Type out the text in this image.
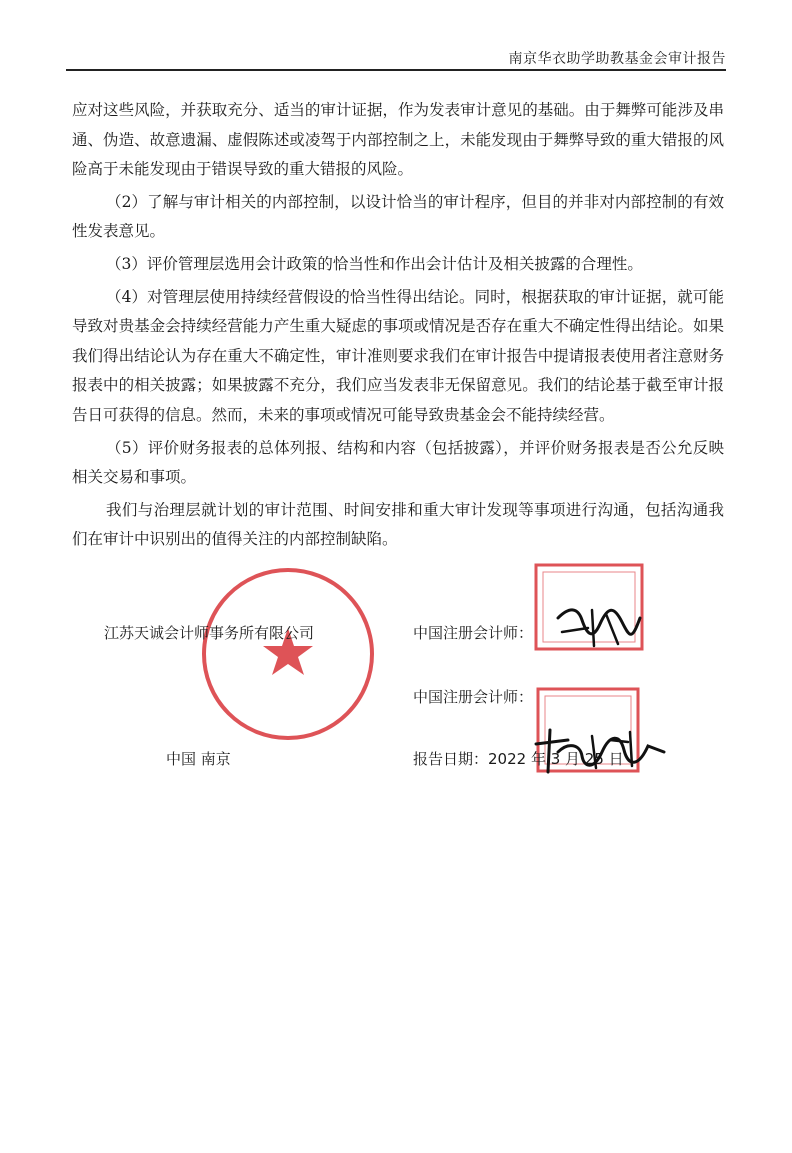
南京华衣助学助教基金会审计报告

应对这些风险，并获取充分、适当的审计证据，作为发表审计意见的基础。由于舞弊可能涉及串通、伪造、故意遗漏、虚假陈述或凌驾于内部控制之上，未能发现由于舞弊导致的重大错报的风险高于未能发现由于错误导致的重大错报的风险。

（2）了解与审计相关的内部控制，以设计恰当的审计程序，但目的并非对内部控制的有效性发表意见。

（3）评价管理层选用会计政策的恰当性和作出会计估计及相关披露的合理性。

（4）对管理层使用持续经营假设的恰当性得出结论。同时，根据获取的审计证据，就可能导致对贵基金会持续经营能力产生重大疑虑的事项或情况是否存在重大不确定性得出结论。如果我们得出结论认为存在重大不确定性，审计准则要求我们在审计报告中提请报表使用者注意财务报表中的相关披露；如果披露不充分，我们应当发表非无保留意见。我们的结论基于截至审计报告日可获得的信息。然而，未来的事项或情况可能导致贵基金会不能持续经营。

（5）评价财务报表的总体列报、结构和内容（包括披露），并评价财务报表是否公允反映相关交易和事项。

我们与治理层就计划的审计范围、时间安排和重大审计发现等事项进行沟通，包括沟通我们在审计中识别出的值得关注的内部控制缺陷。

江苏天诚会计师事务所有限公司	中国注册会计师：
中国注册会计师：
中国 南京	报告日期：2022 年 3 月 25 日
